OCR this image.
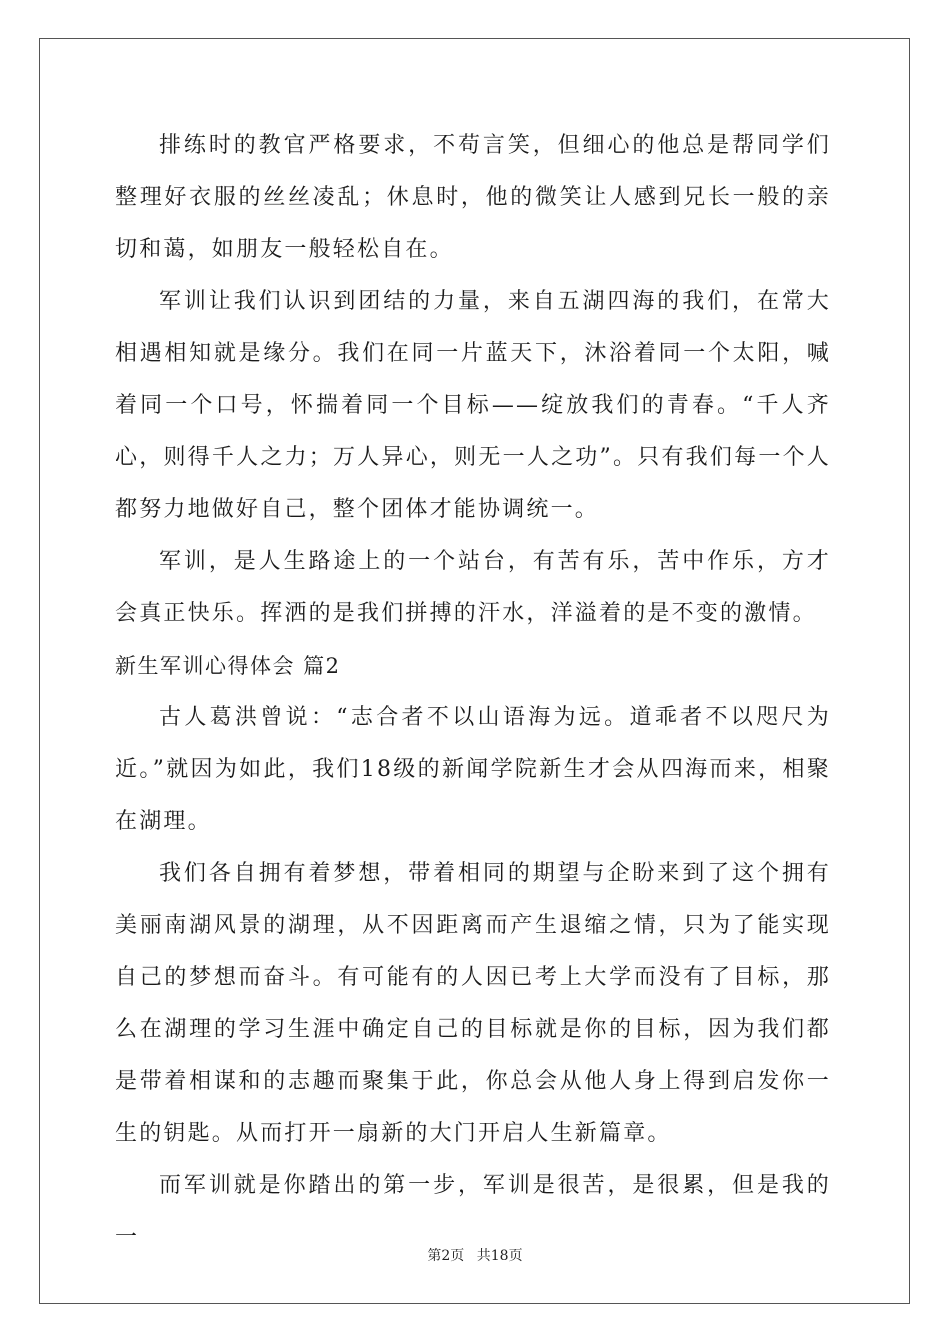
排练时的教官严格要求，不苟言笑，但细心的他总是帮同学们整理好衣服的丝丝凌乱；休息时，他的微笑让人感到兄长一般的亲切和蔼，如朋友一般轻松自在。

军训让我们认识到团结的力量，来自五湖四海的我们，在常大相遇相知就是缘分。我们在同一片蓝天下，沐浴着同一个太阳，喊着同一个口号，怀揣着同一个目标——绽放我们的青春。“千人齐心，则得千人之力；万人异心，则无一人之功”。只有我们每一个人都努力地做好自己，整个团体才能协调统一。

军训，是人生路途上的一个站台，有苦有乐，苦中作乐，方才会真正快乐。挥洒的是我们拼搏的汗水，洋溢着的是不变的激情。

新生军训心得体会 篇2

古人葛洪曾说：“志合者不以山语海为远。道乖者不以咫尺为近。”就因为如此，我们18级的新闻学院新生才会从四海而来，相聚在湖理。

我们各自拥有着梦想，带着相同的期望与企盼来到了这个拥有美丽南湖风景的湖理，从不因距离而产生退缩之情，只为了能实现自己的梦想而奋斗。有可能有的人因已考上大学而没有了目标，那么在湖理的学习生涯中确定自己的目标就是你的目标，因为我们都是带着相谋和的志趣而聚集于此，你总会从他人身上得到启发你一生的钥匙。从而打开一扇新的大门开启人生新篇章。

而军训就是你踏出的第一步，军训是很苦，是很累，但是我的一

第2页 共18页
